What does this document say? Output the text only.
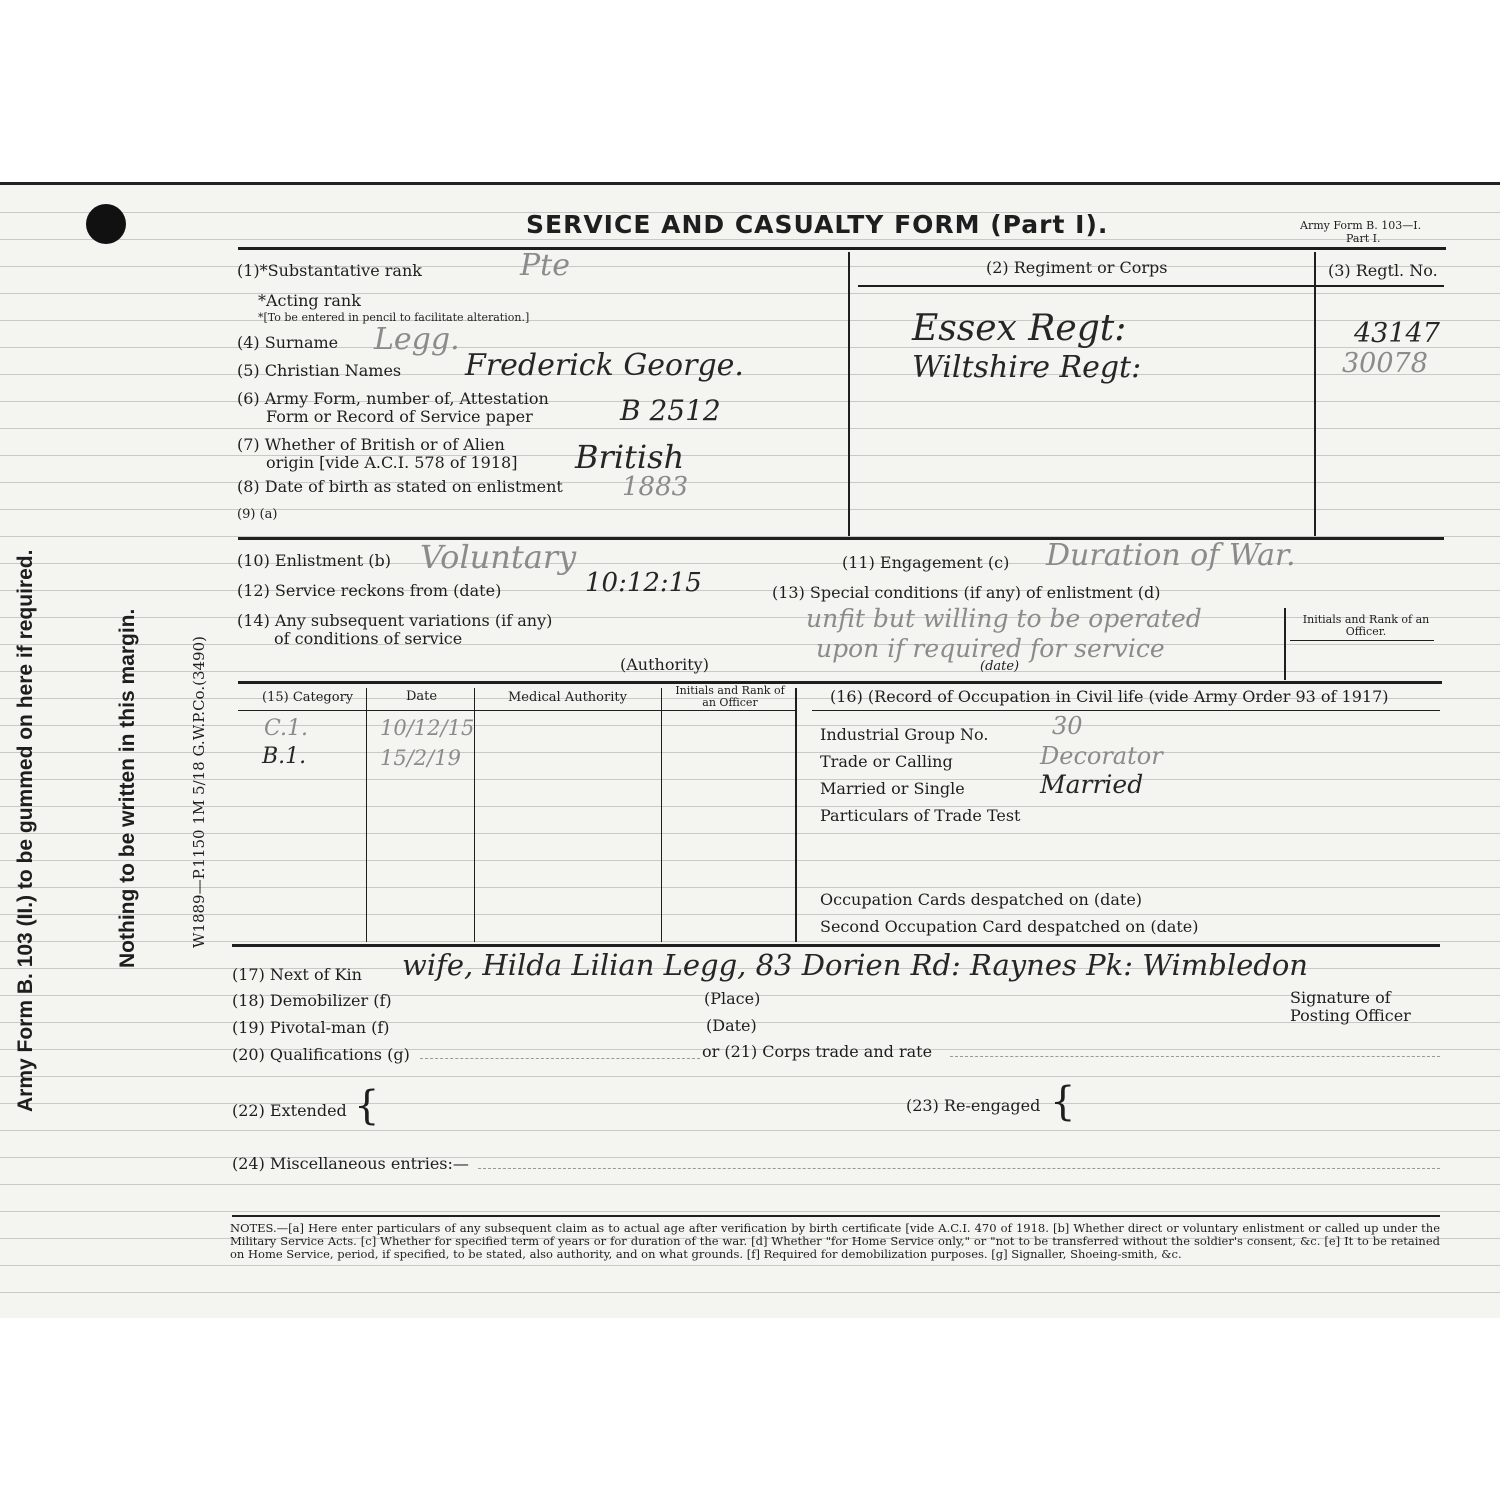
Army Form B. 103 (II.) to be gummed on here if required.	Nothing to be written in this margin.	W1889—P.1150 1M 5/18 G.W.P.Co.(3490)
SERVICE AND CASUALTY FORM (Part I).	Army Form B. 103—I.
Part I.
(1)*Substantative rank	Pte
*Acting rank
*[To be entered in pencil to facilitate alteration.]
(4) Surname Legg.
(5) Christian Names Frederick George.
(6) Army Form, number of, Attestation
Form or Record of Service paper	B 2512
(7) Whether of British or of Alien
origin [vide A.C.I. 578 of 1918] British
(8) Date of birth as stated on enlistment 1883
(9) (a)
(2) Regiment or Corps
Essex Regt:
Wiltshire Regt:
(3) Regtl. No.
43147
30078
(10) Enlistment (b) Voluntary	(11) Engagement (c) Duration of War.
(12) Service reckons from (date)	10:12:15	(13) Special conditions (if any) of enlistment (d)
unfit but willing to be operated
upon if required for service
(date)
Initials and Rank of an Officer.
(14) Any subsequent variations (if any)
of conditions of service
(Authority)
(15) Category	Date	Medical Authority	Initials and Rank of an Officer
C.1.	10/12/15
B.1.	15/2/19
(16) (Record of Occupation in Civil life (vide Army Order 93 of 1917)
Industrial Group No.	30
Trade or Calling	Decorator
Married or Single	Married
Particulars of Trade Test
Occupation Cards despatched on (date)
Second Occupation Card despatched on (date)
(17) Next of Kin wife, Hilda Lilian Legg, 83 Dorien Rd: Raynes Pk: Wimbledon
(18) Demobilizer (f)	(Place)	Signature of
Posting Officer
(19) Pivotal-man (f)	(Date)
(20) Qualifications (g)	or (21) Corps trade and rate
(22) Extended {	(23) Re-engaged {
(24) Miscellaneous entries:—
NOTES.—[a] Here enter particulars of any subsequent claim as to actual age after verification by birth certificate [vide A.C.I. 470 of 1918. [b] Whether direct or voluntary enlistment or called up under the Military Service Acts. [c] Whether for specified term of years or for duration of the war. [d] Whether "for Home Service only," or "not to be transferred without the soldier's consent, &c. [e] It to be retained on Home Service, period, if specified, to be stated, also authority, and on what grounds. [f] Required for demobilization purposes. [g] Signaller, Shoeing-smith, &c.
